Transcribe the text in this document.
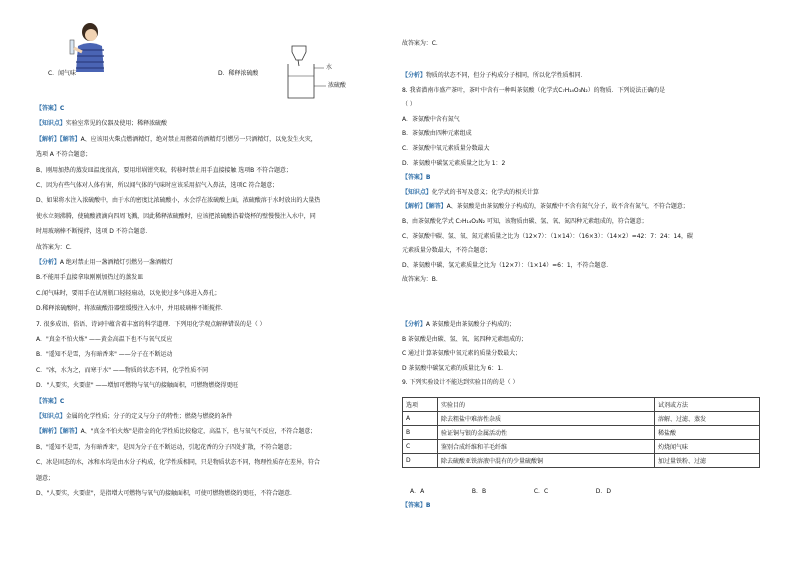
C．闻气味	D．稀释浓硫酸
水
浓硫酸
【答案】C
【知识点】实验室常见的仪器及使用；稀释浓硫酸
【解析】【解答】A、应该用火柴点燃酒精灯，绝对禁止用燃着的酒精灯引燃另一只酒精灯，以免发生火灾，
选项 A 不符合题意；
B、刚用加热的蒸发皿温度很高，要用坩埚钳夹取，转移时禁止用手直接接触 选项B 不符合题意；
C、因为有些气体对人体有害，所以闻气体的气味时应该采用招气入鼻法，选项C 符合题意；
D、如果将水注入浓硫酸中，由于水的密度比浓硫酸小，水会浮在浓硫酸上面，浓硫酸溶于水时放出的大量热
使水立刻沸腾，使硫酸液滴向四周飞溅，因此稀释浓硫酸时，应该把浓硫酸沿着烧杯的壁慢慢注入水中，同
时用玻璃棒不断搅拌，选项 D 不符合题意．
故答案为：C．
【分析】A 绝对禁止用一盏酒精灯引燃另一盏酒精灯
B.不能用手直接拿取刚刚加热过的蒸发皿
C.闻气味时，要用手在试剂瓶口轻轻扇动，以免使过多气体进入鼻孔；
D.稀释浓硫酸时，将浓硫酸沿器壁缓慢注入水中，并用玻璃棒不断搅拌．
7. 很多成语、俗语、诗词中蕴含着丰富的科学道理．下列用化学观点解释错误的是（ ）
A．"真金不怕火炼" ——黄金高温下也不与氧气反应
B．"遥知不是雪，为有暗香来" ——分子在不断运动
C．"冰，水为之，而寒于水" ——物质的状态不同，化学性质不同
D．"人要实，火要虚" ——增加可燃物与氧气的接触面积，可燃物燃烧得更旺
【答案】C
【知识点】金属的化学性质；分子的定义与分子的特性；燃烧与燃烧的条件
【解析】【解答】A、"真金不怕火炼"是指金的化学性质比较稳定，高温下，也与氧气不反应，不符合题意；
B、"遥知不是雪，为有暗香来"，是因为分子在不断运动，引起花香的分子四处扩散，不符合题意；
C、冰是固态的水，冰和水均是由水分子构成，化学性质相同，只是物质状态不同，物理性质存在差异，符合
题意；
D、"人要实，火要虚"，是指增大可燃物与氧气的接触面积，可使可燃物燃烧的更旺，不符合题意．
故答案为：C．
【分析】物质的状态不同，但分子构成分子相同，所以化学性质相同．
8. 我省潜南市盛产茶叶，茶叶中含有一种叫茶氨酸（化学式C₇H₁₄O₃N₂）的物质．下列说法正确的是
（ ）
A．茶氨酸中含有氮气
B．茶氨酸由四种元素组成
C．茶氨酸中氧元素质量分数最大
D．茶氨酸中碳氢元素质量之比为 1：2
【答案】B
【知识点】化学式的书写及意义；化学式的相关计算
【解析】【解答】A、茶氨酸是由茶氨酸分子构成的，茶氨酸中不含有氮气分子，故不含有氮气，不符合题意；
B、由茶氨酸化学式 C₇H₁₄O₃N₂ 可知，该物质由碳、氢、氧、氮四种元素组成的，符合题意；
C、茶氨酸中碳、氢、氧、氮元素质量之比为（12×7）：（1×14）：（16×3）：（14×2）=42：7：24：14，碳
元素质量分数最大，不符合题意；
D、茶氨酸中碳、氢元素质量之比为（12×7）：（1×14）=6：1，不符合题意．
故答案为：B．
【分析】A 茶氨酸是由茶氨酸分子构成的；
B 茶氨酸是由碳、氢、氧、氮四种元素组成的；
C 通过计算茶氨酸中氧元素的质量分数最大；
D 茶氨酸中碳氢元素的质量比为 6：1．
9. 下列实验设计不能达到实验目的的是（ ）
选项	实验目的	试剂或方法
A	除去粗盐中难溶性杂质	溶解、过滤、蒸发
B	验证铜与银的金属活动性	稀盐酸
C	鉴别合成纤维和羊毛纤维	灼烧闻气味
D	除去硫酸亚铁溶液中混有的少量硫酸铜	加过量铁粉、过滤
A．A	B．B	C．C	D．D
【答案】B
